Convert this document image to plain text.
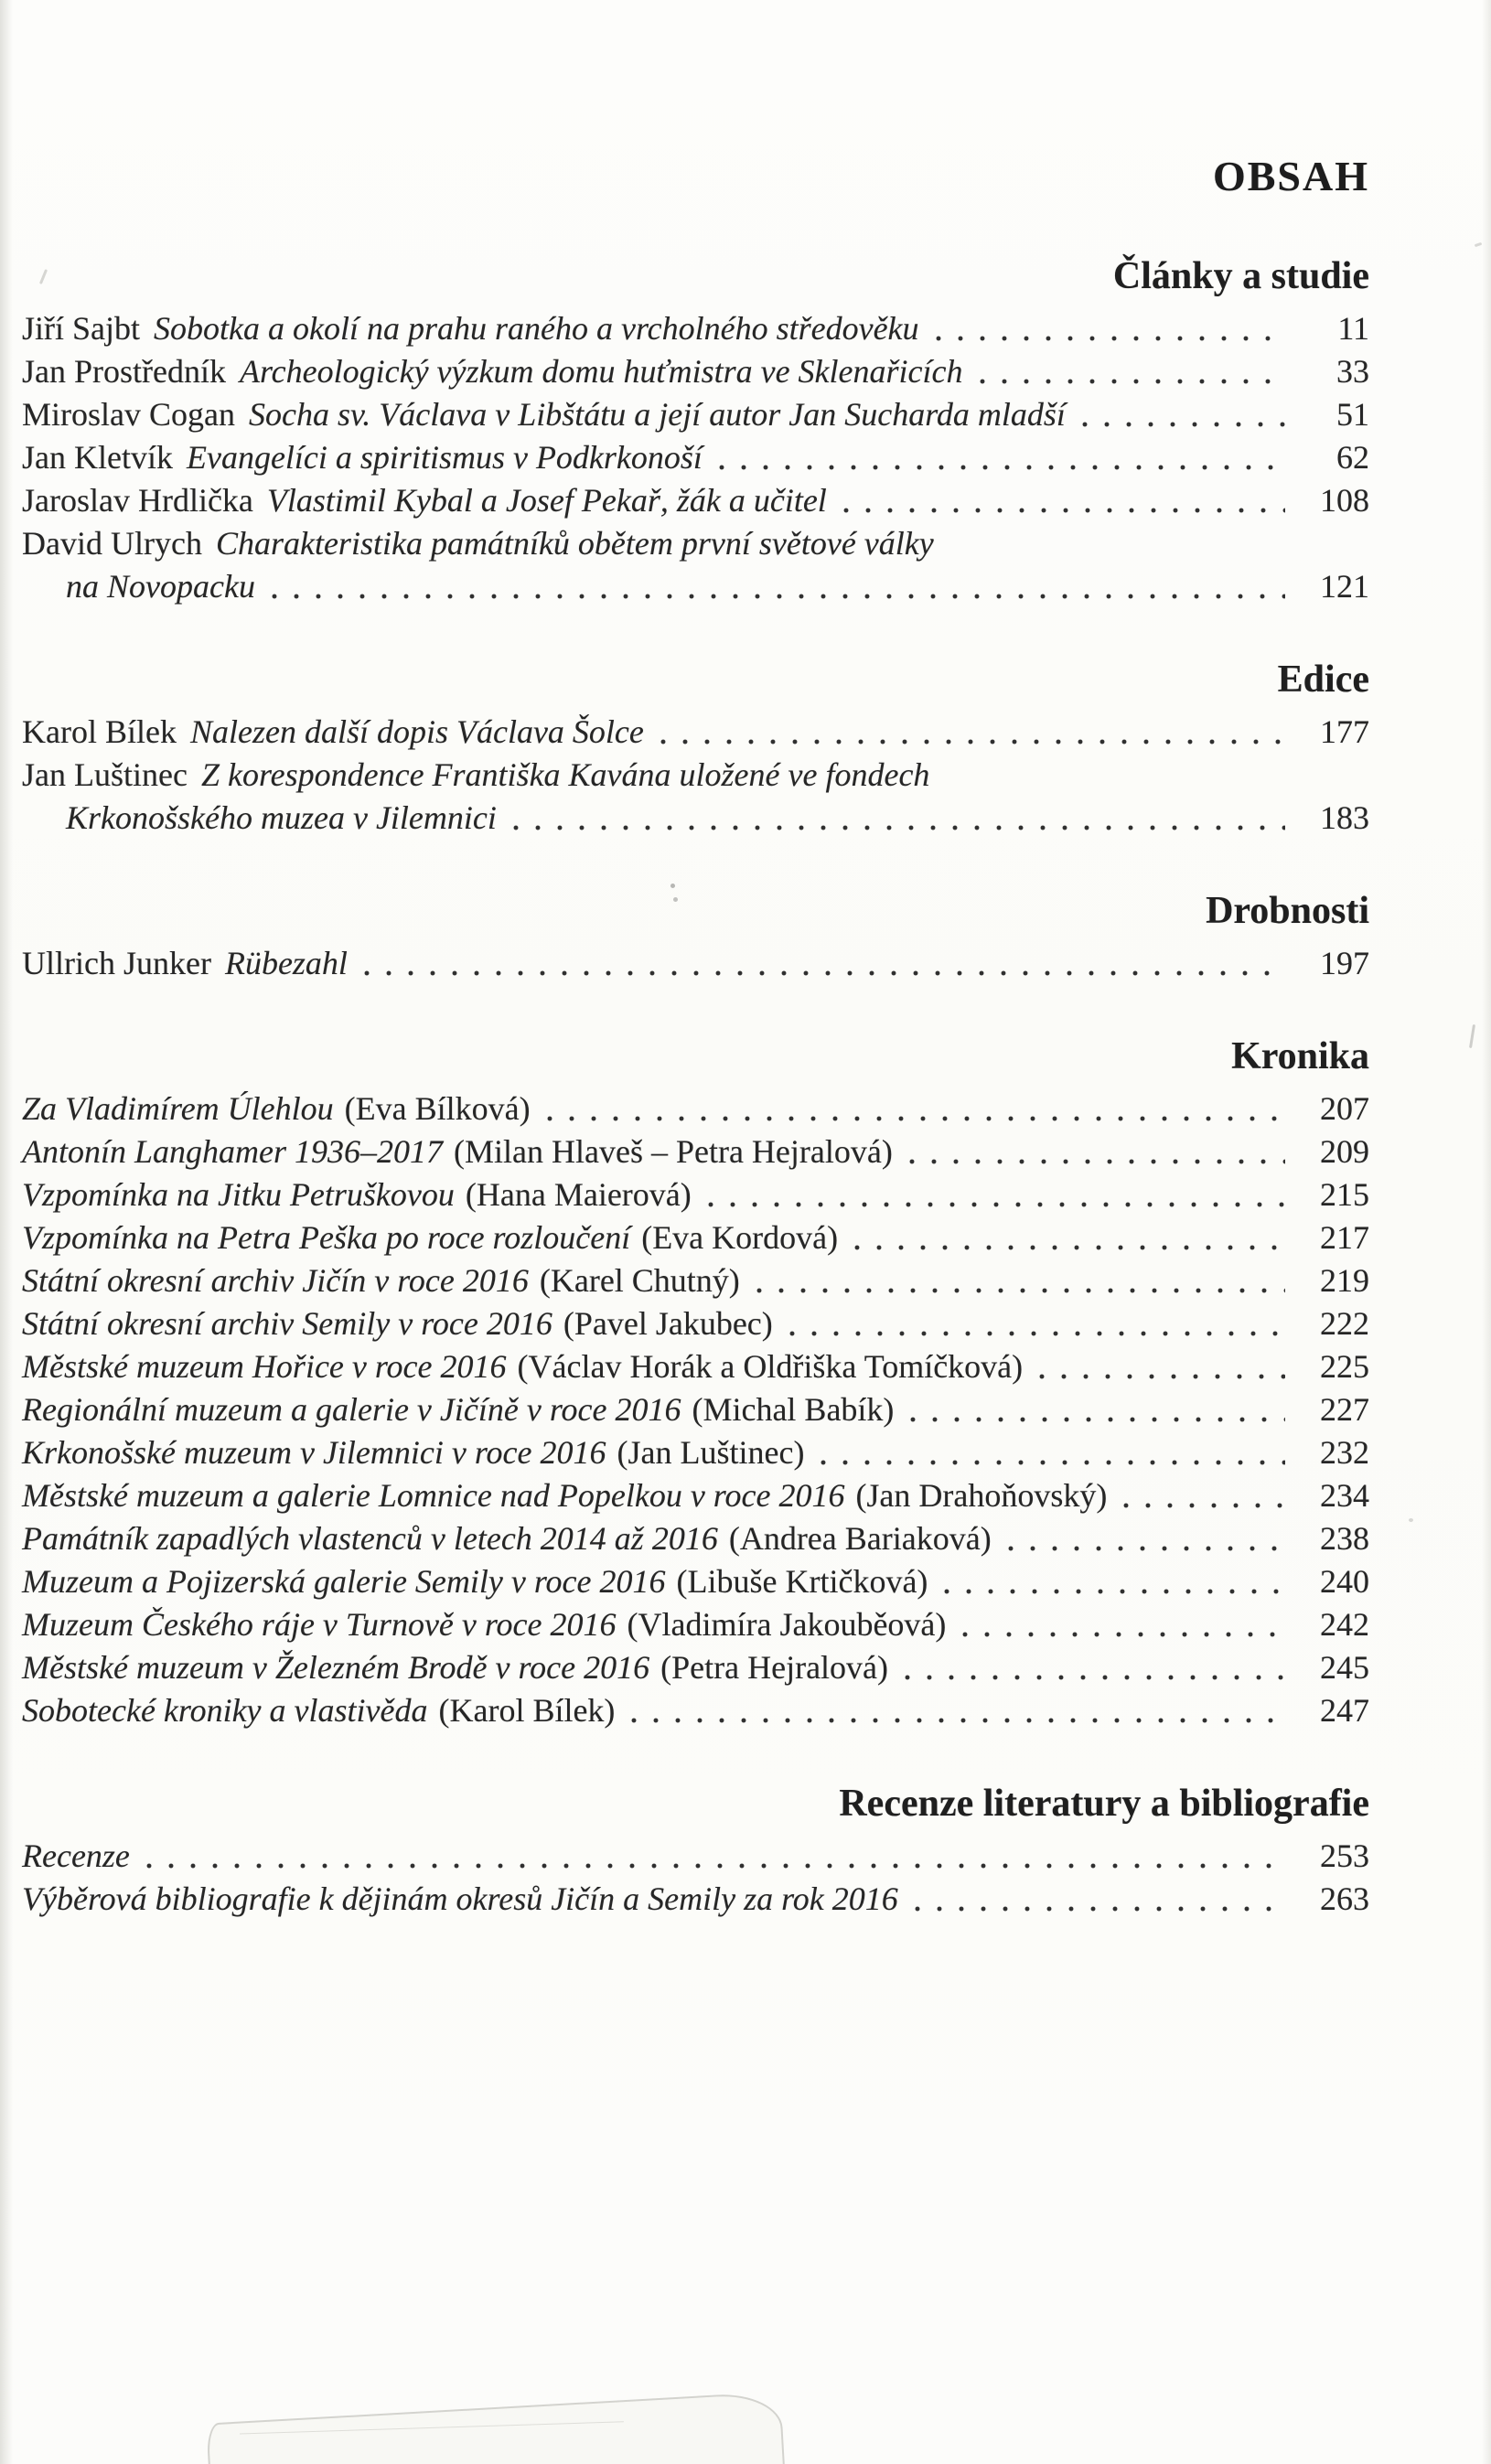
OBSAH
Články a studie
Jiří Sajbt Sobotka a okolí na prahu raného a vrcholného středověku	11
Jan Prostředník Archeologický výzkum domu huťmistra ve Sklenařicích	33
Miroslav Cogan Socha sv. Václava v Libštátu a její autor Jan Sucharda mladší	51
Jan Kletvík Evangelíci a spiritismus v Podkrkonoší	62
Jaroslav Hrdlička Vlastimil Kybal a Josef Pekař, žák a učitel	108
David Ulrych Charakteristika památníků obětem první světové války
na Novopacku	121
Edice
Karol Bílek Nalezen další dopis Václava Šolce	177
Jan Luštinec Z korespondence Františka Kavána uložené ve fondech
Krkonošského muzea v Jilemnici	183
Drobnosti
Ullrich Junker Rübezahl	197
Kronika
Za Vladimírem Úlehlou (Eva Bílková)	207
Antonín Langhamer 1936–2017 (Milan Hlaveš – Petra Hejralová)	209
Vzpomínka na Jitku Petruškovou (Hana Maierová)	215
Vzpomínka na Petra Peška po roce rozloučení (Eva Kordová)	217
Státní okresní archiv Jičín v roce 2016 (Karel Chutný)	219
Státní okresní archiv Semily v roce 2016 (Pavel Jakubec)	222
Městské muzeum Hořice v roce 2016 (Václav Horák a Oldřiška Tomíčková)	225
Regionální muzeum a galerie v Jičíně v roce 2016 (Michal Babík)	227
Krkonošské muzeum v Jilemnici v roce 2016 (Jan Luštinec)	232
Městské muzeum a galerie Lomnice nad Popelkou v roce 2016 (Jan Drahoňovský)	234
Památník zapadlých vlastenců v letech 2014 až 2016 (Andrea Bariaková)	238
Muzeum a Pojizerská galerie Semily v roce 2016 (Libuše Krtičková)	240
Muzeum Českého ráje v Turnově v roce 2016 (Vladimíra Jakouběová)	242
Městské muzeum v Železném Brodě v roce 2016 (Petra Hejralová)	245
Sobotecké kroniky a vlastivěda (Karol Bílek)	247
Recenze literatury a bibliografie
Recenze	253
Výběrová bibliografie k dějinám okresů Jičín a Semily za rok 2016	263
